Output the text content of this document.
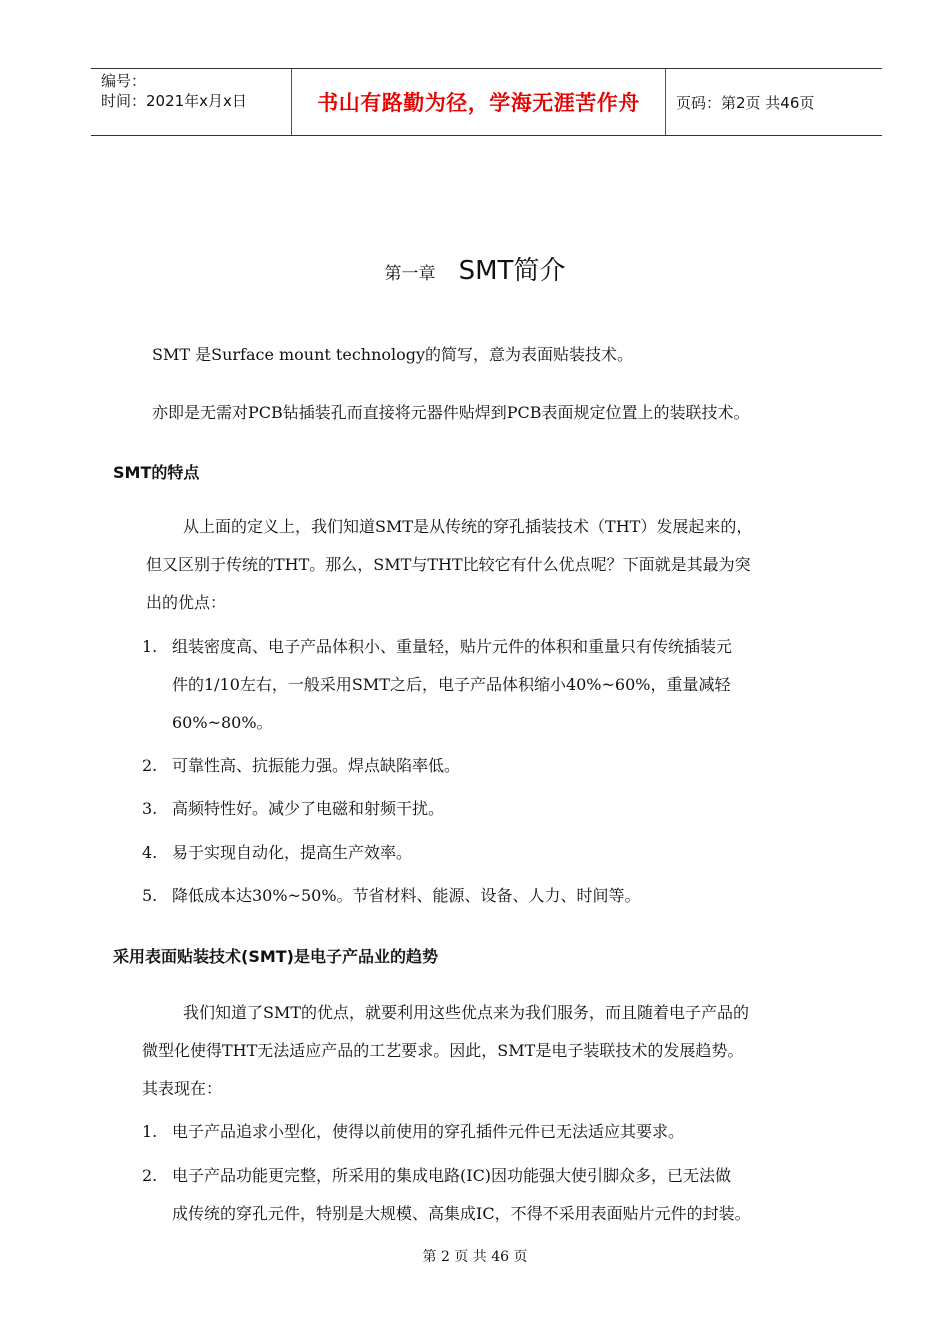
编号：
时间：2021年x月x日	书山有路勤为径，学海无涯苦作舟 页码：第2页 共46页
第一章 SMT简介
SMT 是Surface mount technology的简写，意为表面贴装技术。
亦即是无需对PCB钻插装孔而直接将元器件贴焊到PCB表面规定位置上的装联技术。
SMT的特点
从上面的定义上，我们知道SMT是从传统的穿孔插装技术（THT）发展起来的，
但又区别于传统的THT。那么，SMT与THT比较它有什么优点呢？下面就是其最为突
出的优点：
1. 组装密度高、电子产品体积小、重量轻，贴片元件的体积和重量只有传统插装元
件的1/10左右，一般采用SMT之后，电子产品体积缩小40%~60%，重量减轻
60%~80%。
2. 可靠性高、抗振能力强。焊点缺陷率低。
3. 高频特性好。减少了电磁和射频干扰。
4. 易于实现自动化，提高生产效率。
5. 降低成本达30%~50%。节省材料、能源、设备、人力、时间等。
采用表面贴装技术(SMT)是电子产品业的趋势
我们知道了SMT的优点，就要利用这些优点来为我们服务，而且随着电子产品的
微型化使得THT无法适应产品的工艺要求。因此，SMT是电子装联技术的发展趋势。
其表现在：
1. 电子产品追求小型化，使得以前使用的穿孔插件元件已无法适应其要求。
2. 电子产品功能更完整，所采用的集成电路(IC)因功能强大使引脚众多，已无法做
成传统的穿孔元件，特别是大规模、高集成IC，不得不采用表面贴片元件的封装。
第 2 页 共 46 页
